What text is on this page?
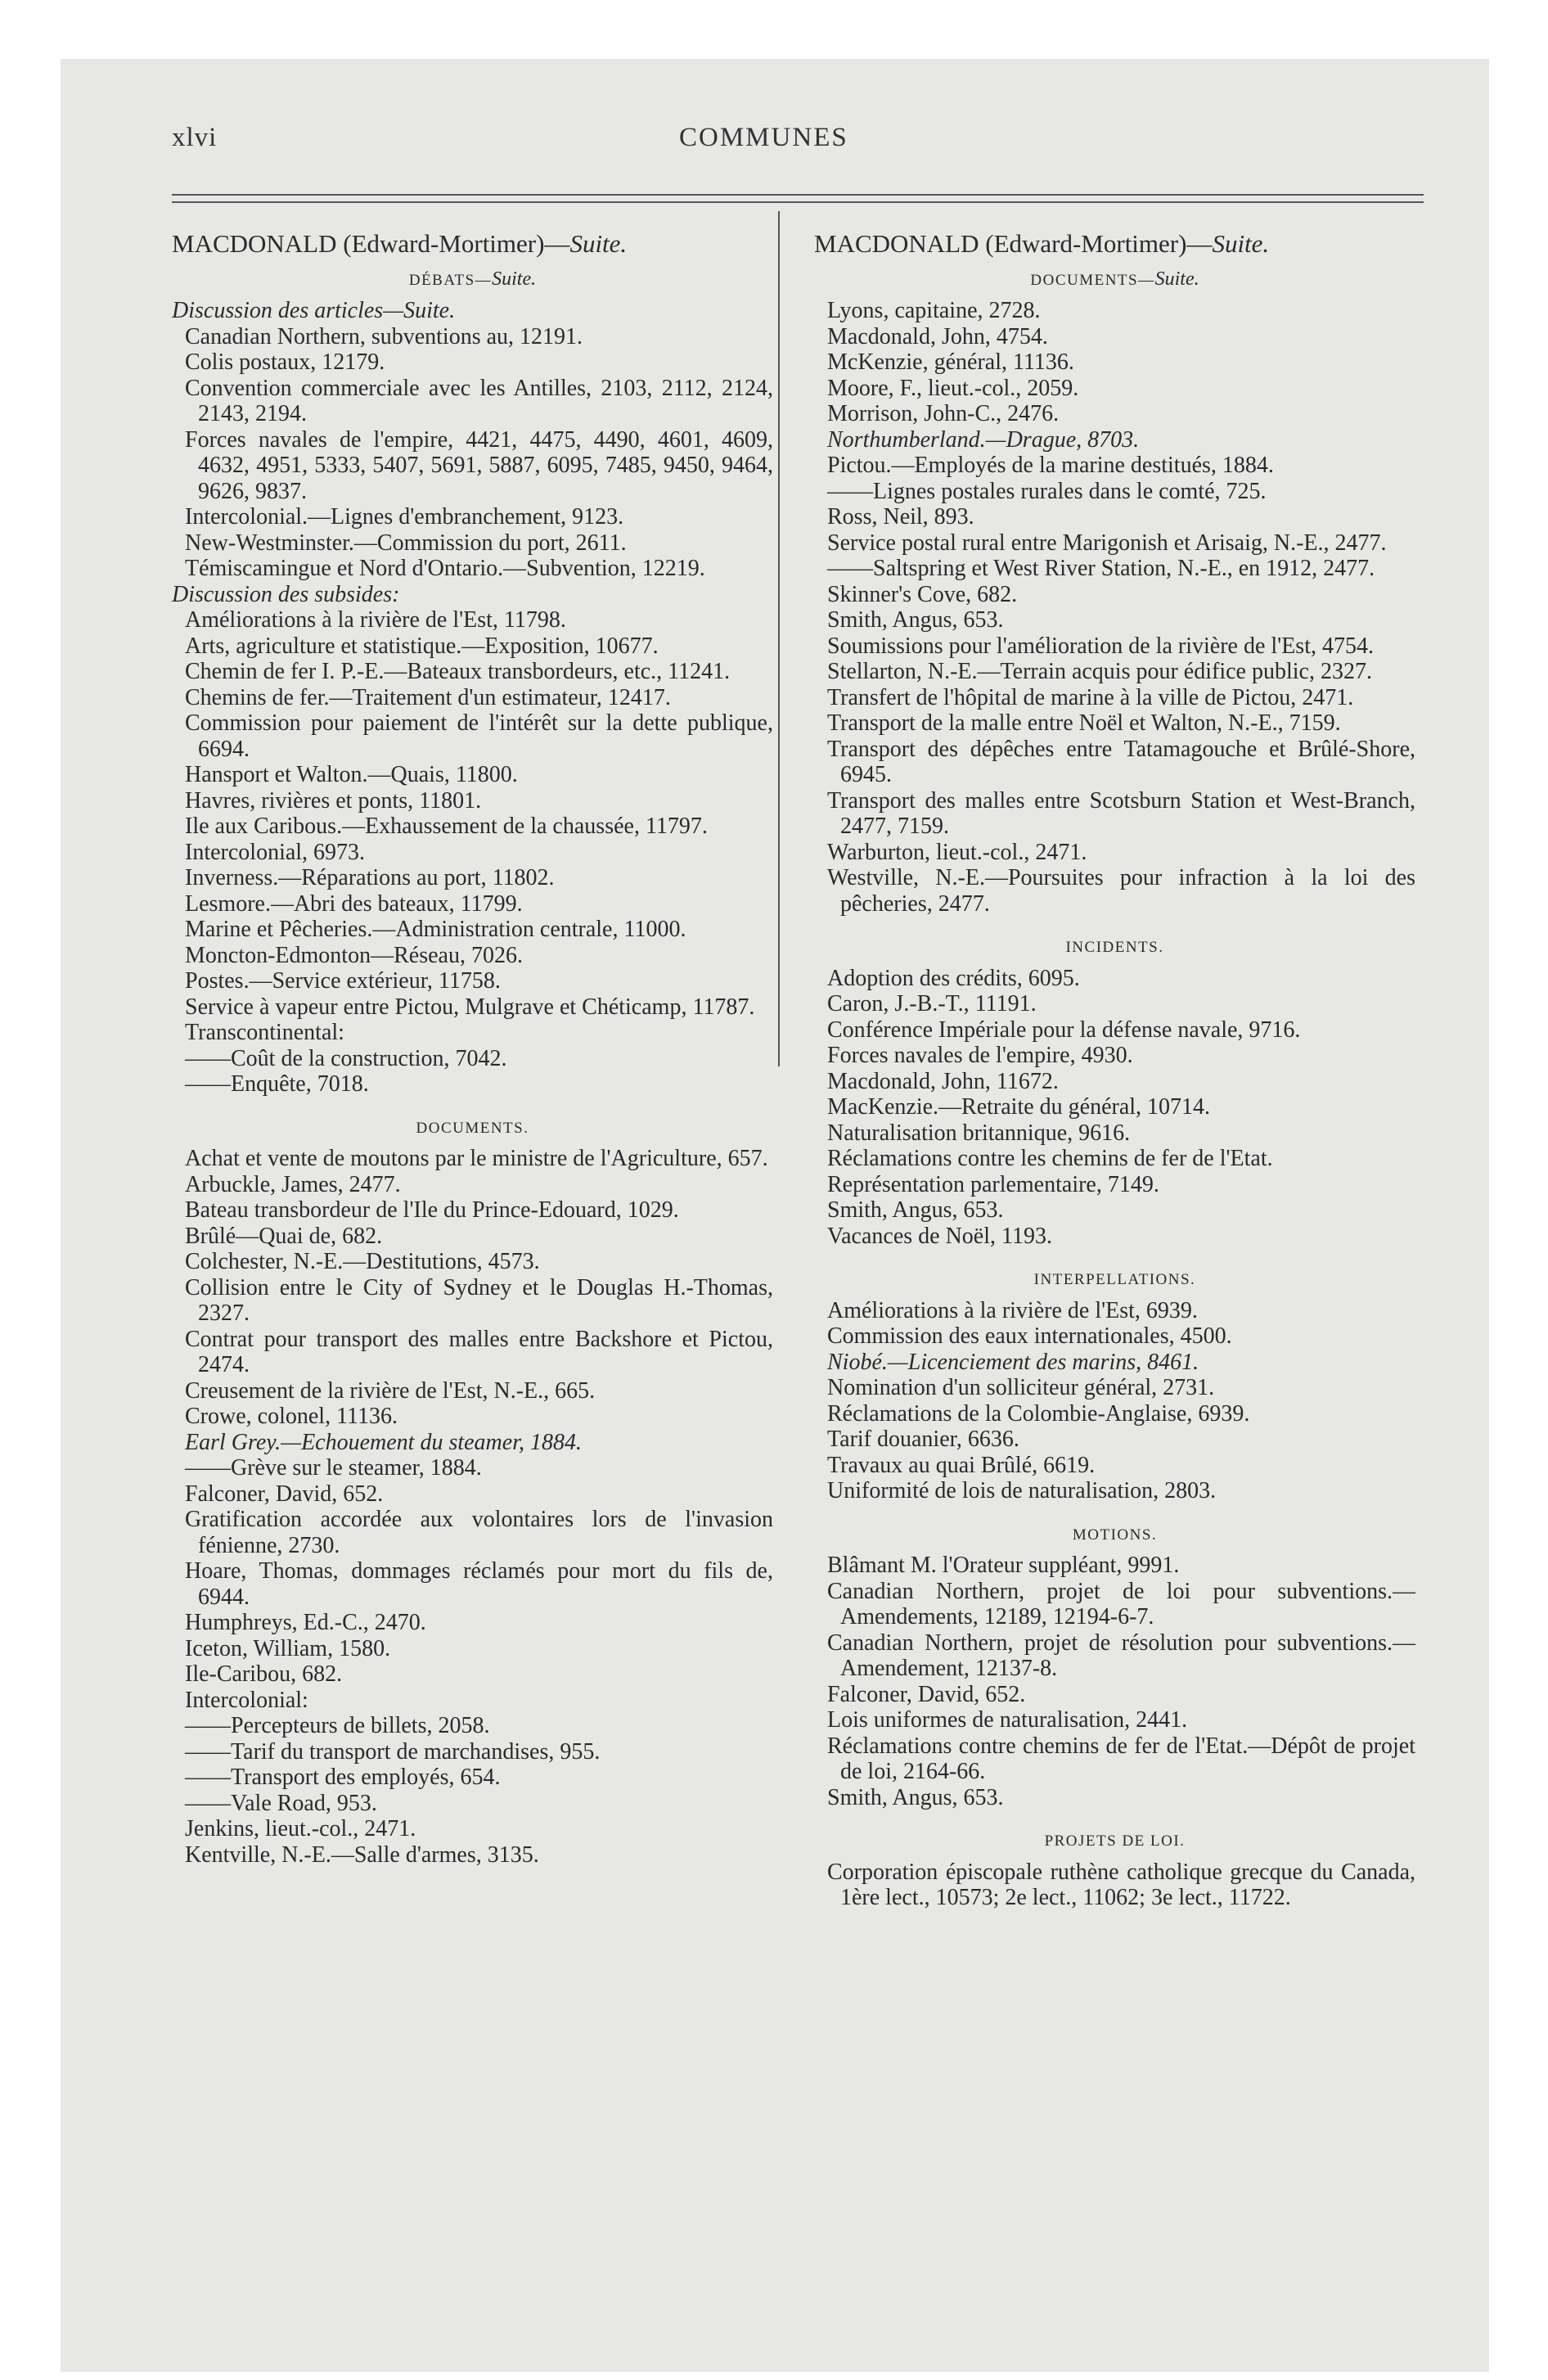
xlvi	COMMUNES
MACDONALD (Edward-Mortimer)—Suite.
DÉBATS—Suite.
Discussion des articles—Suite.
Canadian Northern, subventions au, 12191.
Colis postaux, 12179.
Convention commerciale avec les Antilles, 2103, 2112, 2124, 2143, 2194.
Forces navales de l'empire, 4421, 4475, 4490, 4601, 4609, 4632, 4951, 5333, 5407, 5691, 5887, 6095, 7485, 9450, 9464, 9626, 9837.
Intercolonial.—Lignes d'embranchement, 9123.
New-Westminster.—Commission du port, 2611.
Témiscamingue et Nord d'Ontario.—Subvention, 12219.
Discussion des subsides:
Améliorations à la rivière de l'Est, 11798.
Arts, agriculture et statistique.—Exposition, 10677.
Chemin de fer I. P.-E.—Bateaux transbordeurs, etc., 11241.
Chemins de fer.—Traitement d'un estimateur, 12417.
Commission pour paiement de l'intérêt sur la dette publique, 6694.
Hansport et Walton.—Quais, 11800.
Havres, rivières et ponts, 11801.
Ile aux Caribous.—Exhaussement de la chaussée, 11797.
Intercolonial, 6973.
Inverness.—Réparations au port, 11802.
Lesmore.—Abri des bateaux, 11799.
Marine et Pêcheries.—Administration centrale, 11000.
Moncton-Edmonton—Réseau, 7026.
Postes.—Service extérieur, 11758.
Service à vapeur entre Pictou, Mulgrave et Chéticamp, 11787.
Transcontinental:
——Coût de la construction, 7042.
——Enquête, 7018.
DOCUMENTS.
Achat et vente de moutons par le ministre de l'Agriculture, 657.
Arbuckle, James, 2477.
Bateau transbordeur de l'Ile du Prince-Edouard, 1029.
Brûlé—Quai de, 682.
Colchester, N.-E.—Destitutions, 4573.
Collision entre le City of Sydney et le Douglas H.-Thomas, 2327.
Contrat pour transport des malles entre Backshore et Pictou, 2474.
Creusement de la rivière de l'Est, N.-E., 665.
Crowe, colonel, 11136.
Earl Grey.—Echouement du steamer, 1884.
——Grève sur le steamer, 1884.
Falconer, David, 652.
Gratification accordée aux volontaires lors de l'invasion fénienne, 2730.
Hoare, Thomas, dommages réclamés pour mort du fils de, 6944.
Humphreys, Ed.-C., 2470.
Iceton, William, 1580.
Ile-Caribou, 682.
Intercolonial:
——Percepteurs de billets, 2058.
——Tarif du transport de marchandises, 955.
——Transport des employés, 654.
——Vale Road, 953.
Jenkins, lieut.-col., 2471.
Kentville, N.-E.—Salle d'armes, 3135.
MACDONALD (Edward-Mortimer)—Suite.
DOCUMENTS—Suite.
Lyons, capitaine, 2728.
Macdonald, John, 4754.
McKenzie, général, 11136.
Moore, F., lieut.-col., 2059.
Morrison, John-C., 2476.
Northumberland.—Drague, 8703.
Pictou.—Employés de la marine destitués, 1884.
——Lignes postales rurales dans le comté, 725.
Ross, Neil, 893.
Service postal rural entre Marigonish et Arisaig, N.-E., 2477.
——Saltspring et West River Station, N.-E., en 1912, 2477.
Skinner's Cove, 682.
Smith, Angus, 653.
Soumissions pour l'amélioration de la rivière de l'Est, 4754.
Stellarton, N.-E.—Terrain acquis pour édifice public, 2327.
Transfert de l'hôpital de marine à la ville de Pictou, 2471.
Transport de la malle entre Noël et Walton, N.-E., 7159.
Transport des dépêches entre Tatamagouche et Brûlé-Shore, 6945.
Transport des malles entre Scotsburn Station et West-Branch, 2477, 7159.
Warburton, lieut.-col., 2471.
Westville, N.-E.—Poursuites pour infraction à la loi des pêcheries, 2477.
INCIDENTS.
Adoption des crédits, 6095.
Caron, J.-B.-T., 11191.
Conférence Impériale pour la défense navale, 9716.
Forces navales de l'empire, 4930.
Macdonald, John, 11672.
MacKenzie.—Retraite du général, 10714.
Naturalisation britannique, 9616.
Réclamations contre les chemins de fer de l'Etat.
Représentation parlementaire, 7149.
Smith, Angus, 653.
Vacances de Noël, 1193.
INTERPELLATIONS.
Améliorations à la rivière de l'Est, 6939.
Commission des eaux internationales, 4500.
Niobé.—Licenciement des marins, 8461.
Nomination d'un solliciteur général, 2731.
Réclamations de la Colombie-Anglaise, 6939.
Tarif douanier, 6636.
Travaux au quai Brûlé, 6619.
Uniformité de lois de naturalisation, 2803.
MOTIONS.
Blâmant M. l'Orateur suppléant, 9991.
Canadian Northern, projet de loi pour subventions.—Amendements, 12189, 12194-6-7.
Canadian Northern, projet de résolution pour subventions.—Amendement, 12137-8.
Falconer, David, 652.
Lois uniformes de naturalisation, 2441.
Réclamations contre chemins de fer de l'Etat.—Dépôt de projet de loi, 2164-66.
Smith, Angus, 653.
PROJETS DE LOI.
Corporation épiscopale ruthène catholique grecque du Canada, 1ère lect., 10573; 2e lect., 11062; 3e lect., 11722.
